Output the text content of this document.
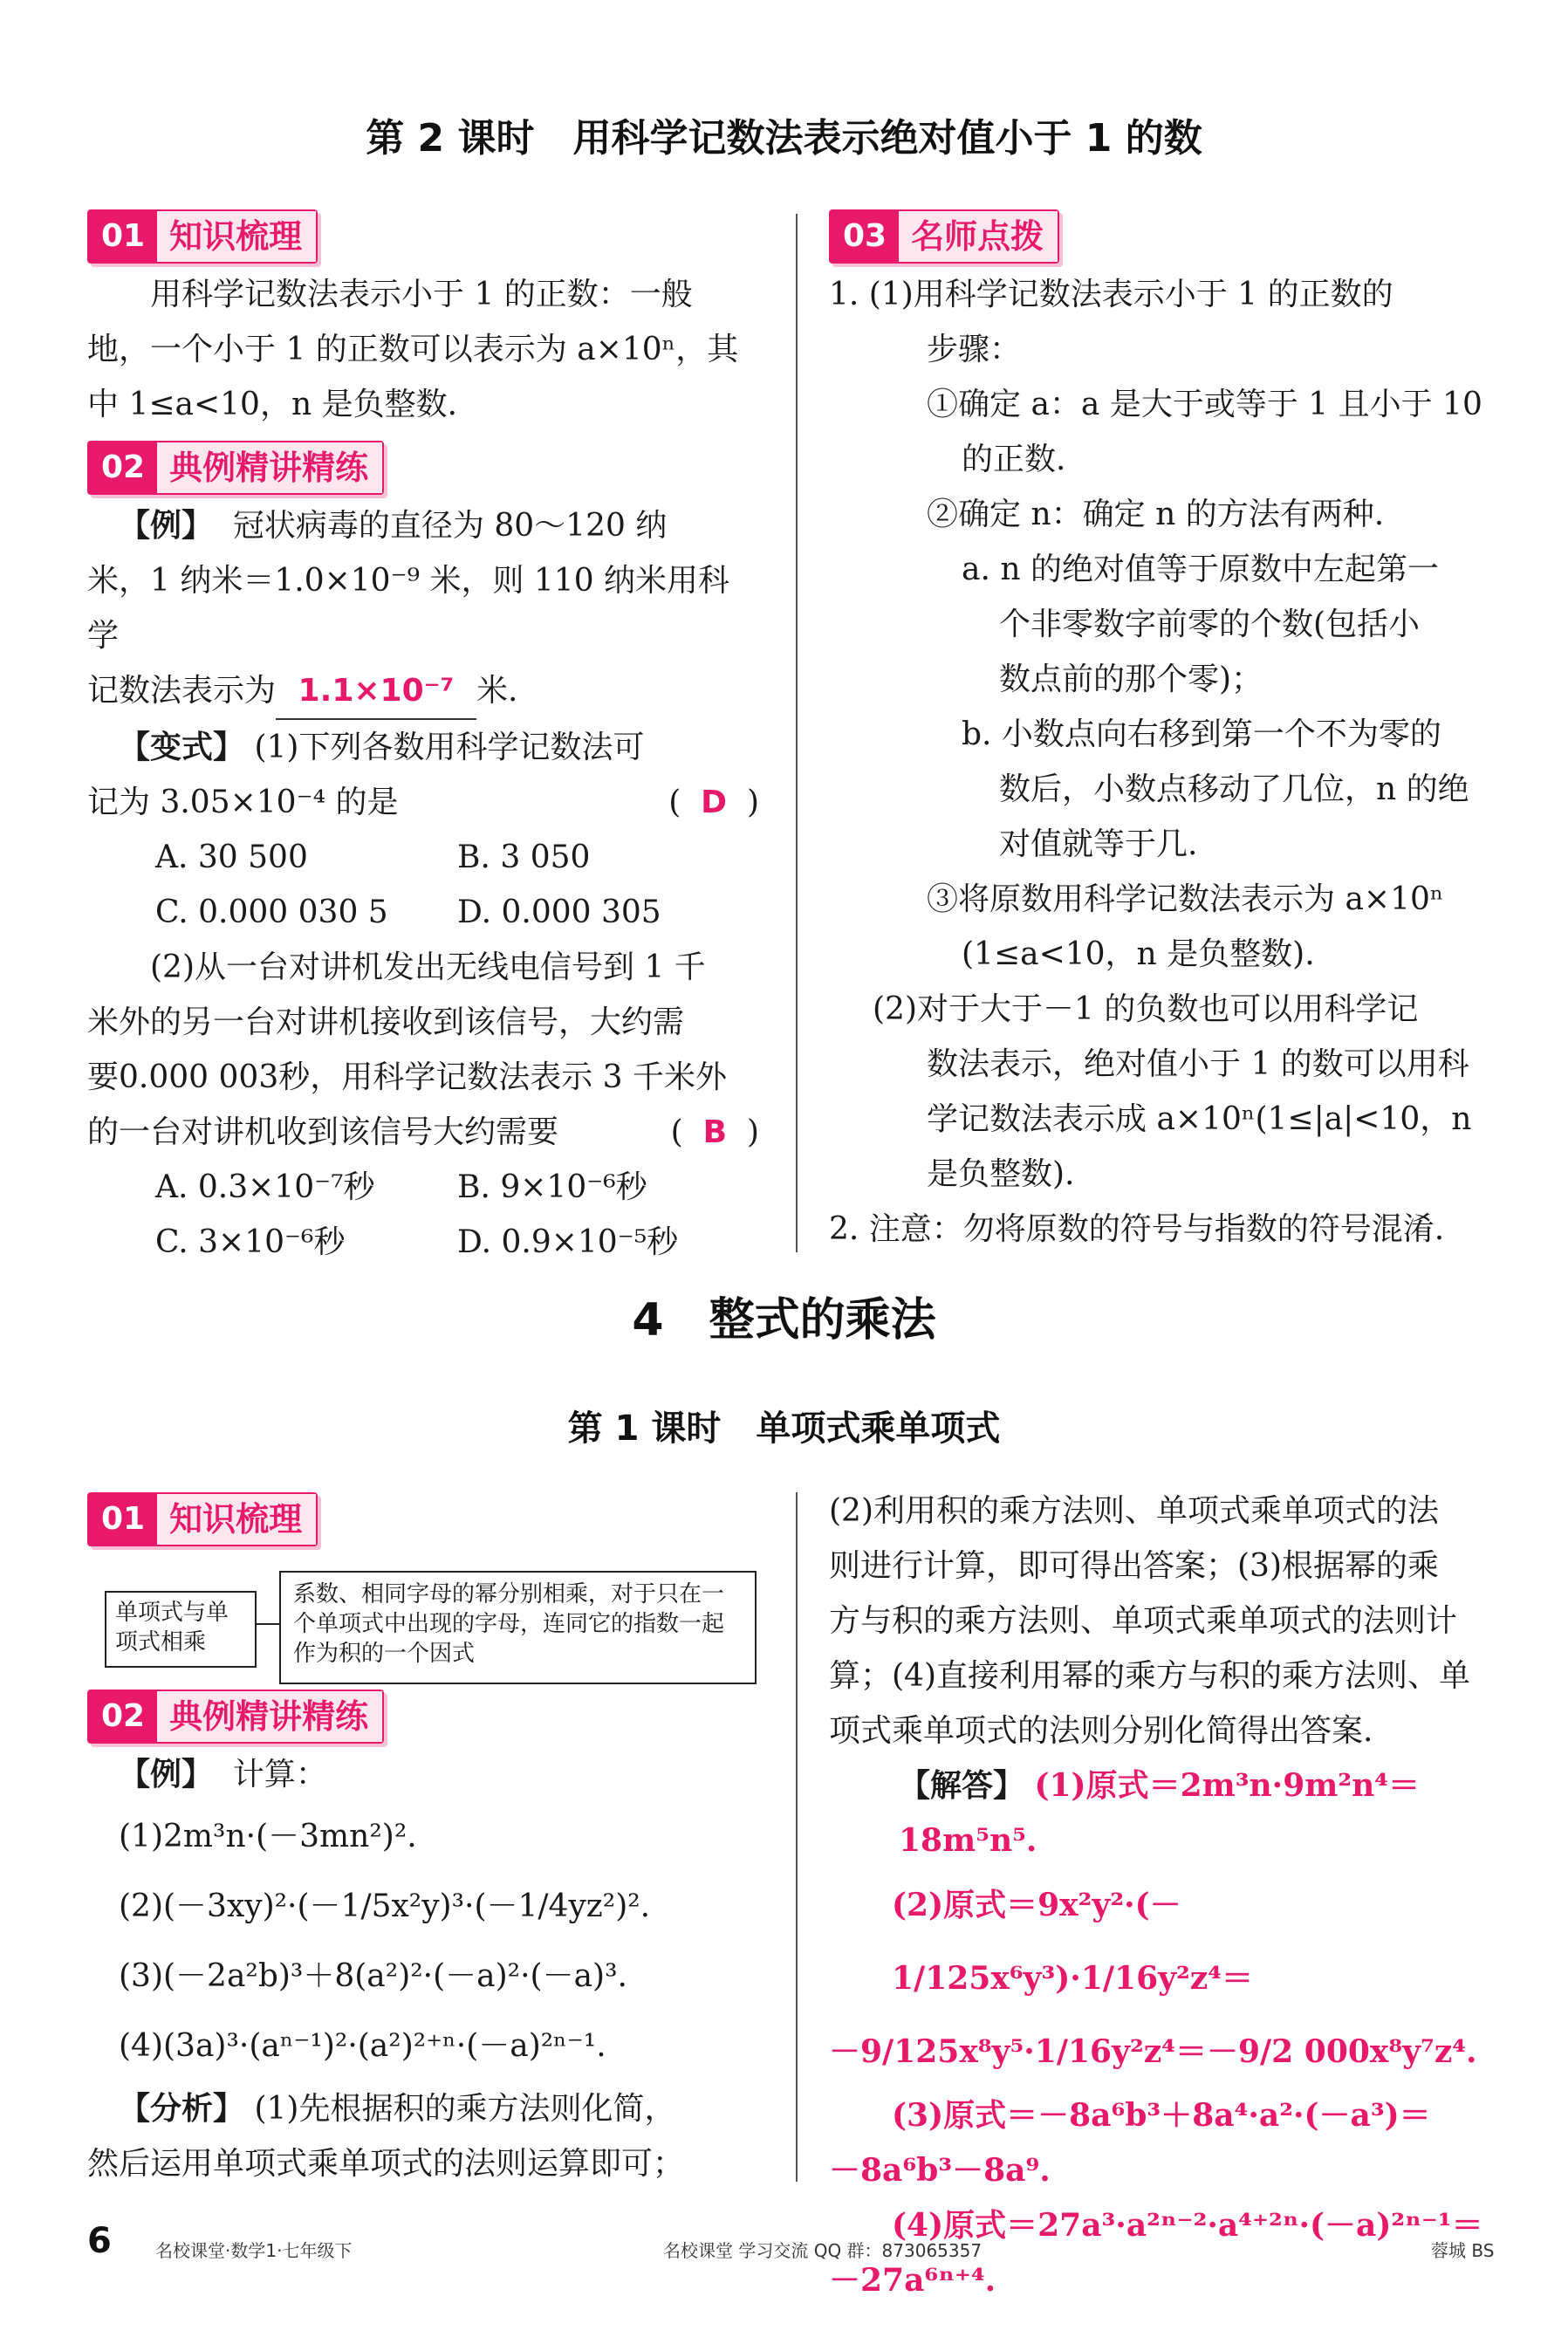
第 2 课时　用科学记数法表示绝对值小于 1 的数
01 知识梳理

用科学记数法表示小于 1 的正数：一般

地，一个小于 1 的正数可以表示为 a×10ⁿ，其

中 1≤a<10，n 是负整数.

02 典例精讲精练

【例】 冠状病毒的直径为 80～120 纳

米，1 纳米＝1.0×10⁻⁹ 米，则 110 纳米用科学

记数法表示为 1.1×10⁻⁷ 米.

【变式】 (1)下列各数用科学记数法可

记为 3.05×10⁻⁴ 的是	(  D  )

A. 30 500	B. 3 050
C. 0.000 030 5	D. 0.000 305

(2)从一台对讲机发出无线电信号到 1 千

米外的另一台对讲机接收到该信号，大约需

要0.000 003秒，用科学记数法表示 3 千米外

的一台对讲机收到该信号大约需要	(  B  )

A. 0.3×10⁻⁷秒	B. 9×10⁻⁶秒
C. 3×10⁻⁶秒	D. 0.9×10⁻⁵秒
03 名师点拨

1. (1)用科学记数法表示小于 1 的正数的

步骤：

①确定 a：a 是大于或等于 1 且小于 10

的正数.

②确定 n：确定 n 的方法有两种.

a. n 的绝对值等于原数中左起第一

个非零数字前零的个数(包括小

数点前的那个零)；

b. 小数点向右移到第一个不为零的

数后，小数点移动了几位，n 的绝

对值就等于几.

③将原数用科学记数法表示为 a×10ⁿ

(1≤a<10，n 是负整数).

(2)对于大于－1 的负数也可以用科学记

数法表示，绝对值小于 1 的数可以用科

学记数法表示成 a×10ⁿ(1≤|a|<10，n

是负整数).

2. 注意：勿将原数的符号与指数的符号混淆.

4　整式的乘法
第 1 课时　单项式乘单项式
01 知识梳理
02 典例精讲精练

【例】 计算：

(1)2m³n·(－3mn²)².

(2)(－3xy)²·(－1/5x²y)³·(－1/4yz²)².

(3)(－2a²b)³＋8(a²)²·(－a)²·(－a)³.

(4)(3a)³·(aⁿ⁻¹)²·(a²)²⁺ⁿ·(－a)²ⁿ⁻¹.

【分析】 (1)先根据积的乘方法则化简，

然后运用单项式乘单项式的法则运算即可；

单项式与单项式相乘
系数、相同字母的幂分别相乘，对于只在一个单项式中出现的字母，连同它的指数一起作为积的一个因式

(2)利用积的乘方法则、单项式乘单项式的法

则进行计算，即可得出答案；(3)根据幂的乘

方与积的乘方法则、单项式乘单项式的法则计

算；(4)直接利用幂的乘方与积的乘方法则、单

项式乘单项式的法则分别化简得出答案.

【解答】 (1)原式＝2m³n·9m²n⁴＝18m⁵n⁵.

(2)原式＝9x²y²·(－1/125x⁶y³)·1/16y²z⁴＝

－9/125x⁸y⁵·1/16y²z⁴＝－9/2 000x⁸y⁷z⁴.

(3)原式＝－8a⁶b³＋8a⁴·a²·(－a³)＝

－8a⁶b³－8a⁹.

(4)原式＝27a³·a²ⁿ⁻²·a⁴⁺²ⁿ·(－a)²ⁿ⁻¹＝

－27a⁶ⁿ⁺⁴.

6	名校课堂·数学1·七年级下	名校课堂 学习交流 QQ 群：873065357	蓉城 BS
